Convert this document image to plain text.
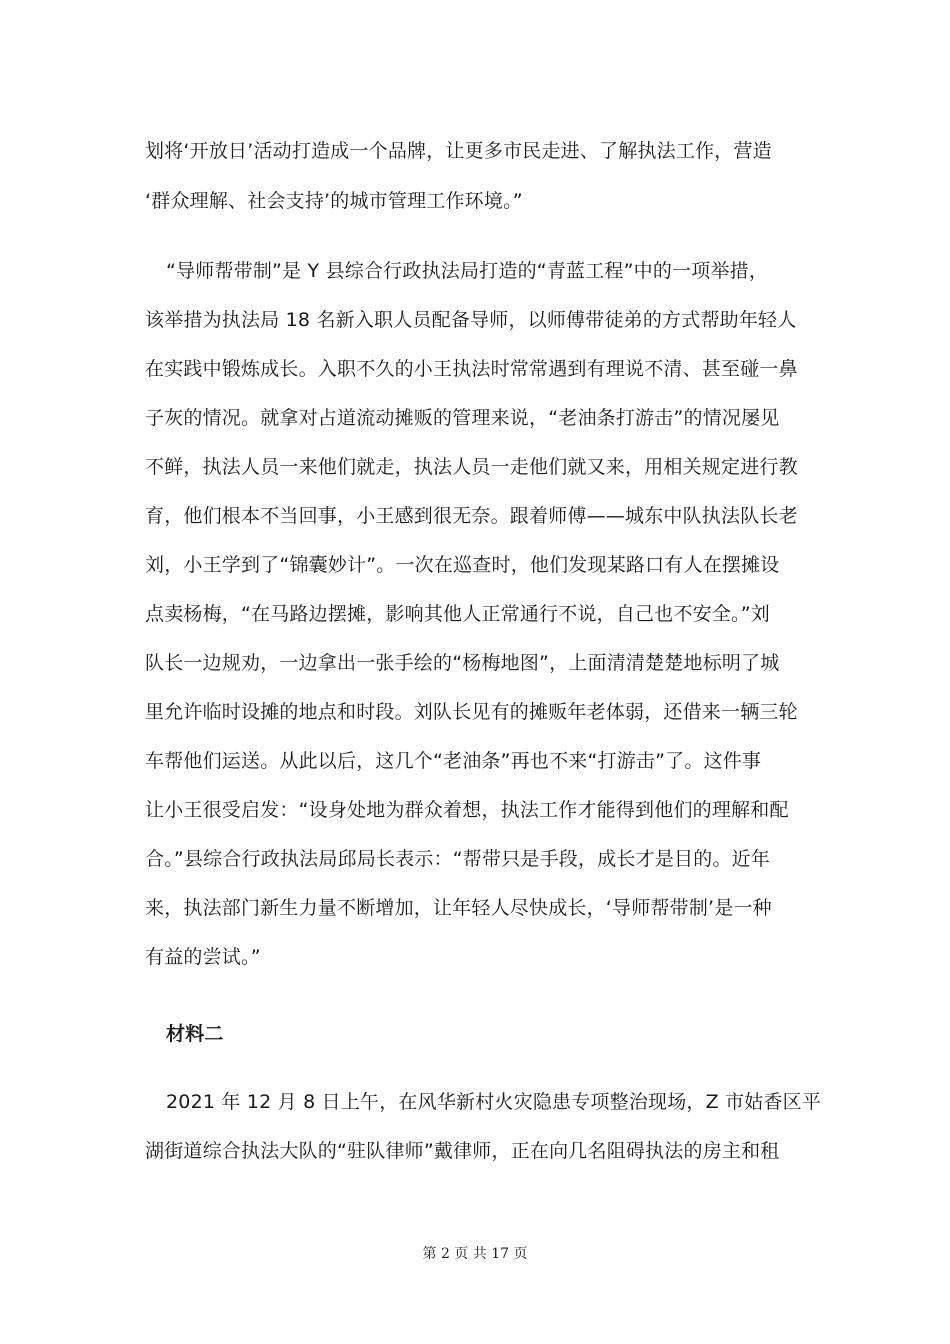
划将‘开放日’活动打造成一个品牌，让更多市民走进、了解执法工作，营造
‘群众理解、社会支持’的城市管理工作环境。”
“导师帮带制”是 Y 县综合行政执法局打造的“青蓝工程”中的一项举措，
该举措为执法局 18 名新入职人员配备导师，以师傅带徒弟的方式帮助年轻人
在实践中锻炼成长。入职不久的小王执法时常常遇到有理说不清、甚至碰一鼻
子灰的情况。就拿对占道流动摊贩的管理来说，“老油条打游击”的情况屡见
不鲜，执法人员一来他们就走，执法人员一走他们就又来，用相关规定进行教
育，他们根本不当回事，小王感到很无奈。跟着师傅——城东中队执法队长老
刘，小王学到了“锦囊妙计”。一次在巡查时，他们发现某路口有人在摆摊设
点卖杨梅，“在马路边摆摊，影响其他人正常通行不说，自己也不安全。”刘
队长一边规劝，一边拿出一张手绘的“杨梅地图”，上面清清楚楚地标明了城
里允许临时设摊的地点和时段。刘队长见有的摊贩年老体弱，还借来一辆三轮
车帮他们运送。从此以后，这几个“老油条”再也不来“打游击”了。这件事
让小王很受启发：“设身处地为群众着想，执法工作才能得到他们的理解和配
合。”县综合行政执法局邱局长表示：“帮带只是手段，成长才是目的。近年
来，执法部门新生力量不断增加，让年轻人尽快成长，‘导师帮带制’是一种
有益的尝试。”
材料二
2021 年 12 月 8 日上午，在风华新村火灾隐患专项整治现场，Z 市姑香区平
湖街道综合执法大队的“驻队律师”戴律师，正在向几名阻碍执法的房主和租
第 2 页 共 17 页
